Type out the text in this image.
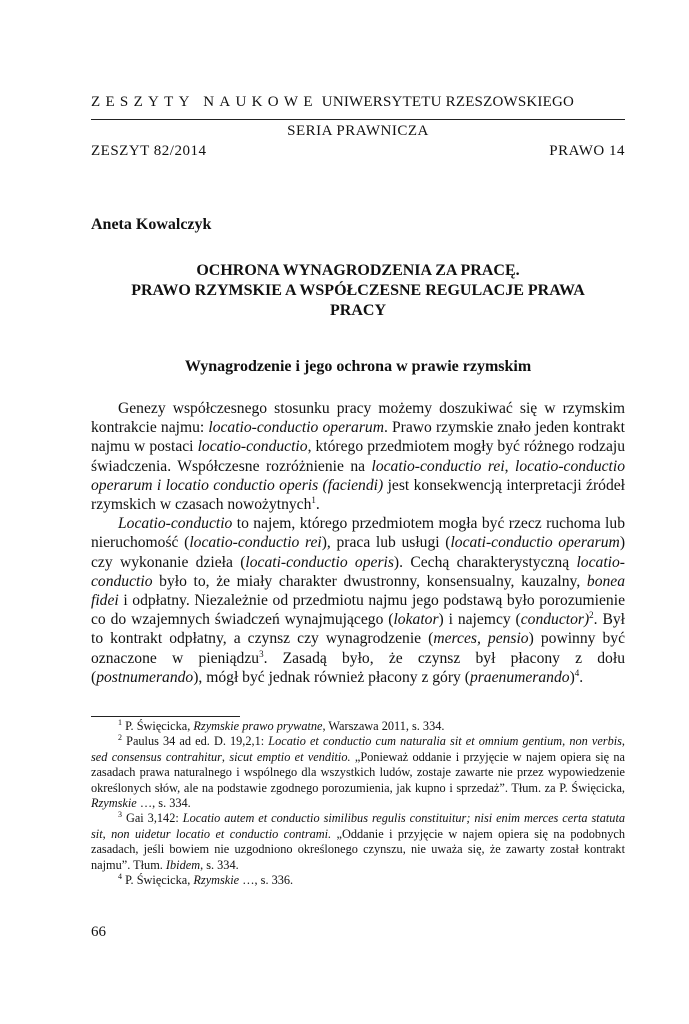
ZESZYTY NAUKOWE UNIWERSYTETU RZESZOWSKIEGO
SERIA PRAWNICZA
ZESZYT 82/2014	PRAWO 14
Aneta Kowalczyk
OCHRONA WYNAGRODZENIA ZA PRACĘ.
PRAWO RZYMSKIE A WSPÓŁCZESNE REGULACJE PRAWA
PRACY
Wynagrodzenie i jego ochrona w prawie rzymskim

Genezy współczesnego stosunku pracy możemy doszukiwać się w rzymskim kontrakcie najmu: locatio-conductio operarum. Prawo rzymskie znało jeden kontrakt najmu w postaci locatio-conductio, którego przedmiotem mogły być różnego rodzaju świadczenia. Współczesne rozróżnienie na locatio-conductio rei, locatio-conductio operarum i locatio conductio operis (faciendi) jest konsekwencją interpretacji źródeł rzymskich w czasach nowożytnych$^1$.

Locatio-conductio to najem, którego przedmiotem mogła być rzecz ruchoma lub nieruchomość (locatio-conductio rei), praca lub usługi (locati-conductio operarum) czy wykonanie dzieła (locati-conductio operis). Cechą charakterystyczną locatio-conductio było to, że miały charakter dwustronny, konsensualny, kauzalny, bonea fidei i odpłatny. Niezależnie od przedmiotu najmu jego podstawą było porozumienie co do wzajemnych świadczeń wynajmującego (lokator) i najemcy (conductor)$^2$. Był to kontrakt odpłatny, a czynsz czy wynagrodzenie (merces, pensio) powinny być oznaczone w pieniądzu$^3$. Zasadą było, że czynsz był płacony z dołu (postnumerando), mógł być jednak również płacony z góry (praenumerando)$^4$.

$^1$ P. Święcicka, Rzymskie prawo prywatne, Warszawa 2011, s. 334.

$^2$ Paulus 34 ad ed. D. 19,2,1: Locatio et conductio cum naturalia sit et omnium gentium, non verbis, sed consensus contrahitur, sicut emptio et venditio. „Ponieważ oddanie i przyjęcie w najem opiera się na zasadach prawa naturalnego i wspólnego dla wszystkich ludów, zostaje zawarte nie przez wypowiedzenie określonych słów, ale na podstawie zgodnego porozumienia, jak kupno i sprzedaż”. Tłum. za P. Święcicka, Rzymskie …, s. 334.

$^3$ Gai 3,142: Locatio autem et conductio similibus regulis constituitur; nisi enim merces certa statuta sit, non uidetur locatio et conductio contrami. „Oddanie i przyjęcie w najem opiera się na podobnych zasadach, jeśli bowiem nie uzgodniono określonego czynszu, nie uważa się, że zawarty został kontrakt najmu”. Tłum. Ibidem, s. 334.

$^4$ P. Święcicka, Rzymskie …, s. 336.

66
